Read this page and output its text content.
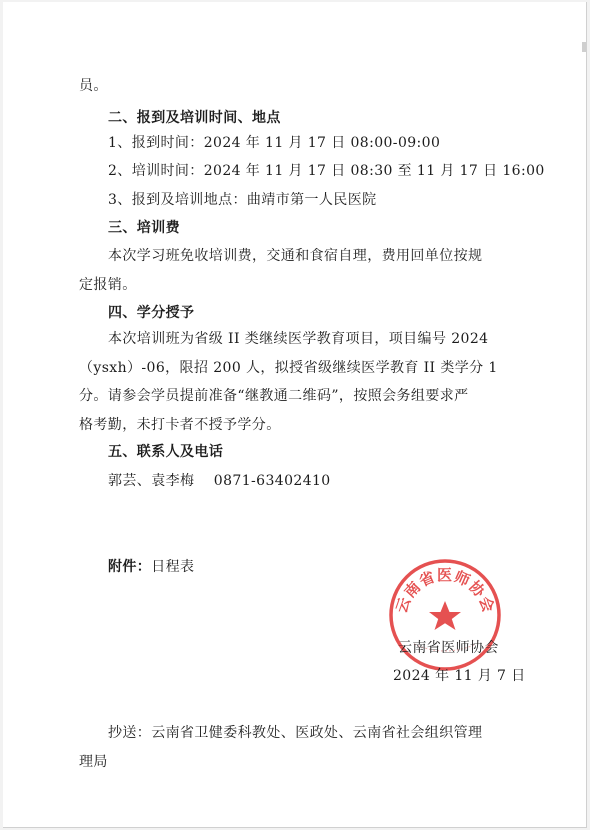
员。
二、报到及培训时间、地点
1、报到时间：2024 年 11 月 17 日 08:00-09:00
2、培训时间：2024 年 11 月 17 日 08:30 至 11 月 17 日 16:00
3、报到及培训地点：曲靖市第一人民医院
三、培训费
本次学习班免收培训费，交通和食宿自理，费用回单位按规
定报销。
四、学分授予
本次培训班为省级 II 类继续医学教育项目，项目编号 2024
（ysxh）-06，限招 200 人，拟授省级继续医学教育 II 类学分 1
分。请参会学员提前准备“继教通二维码”，按照会务组要求严
格考勤，未打卡者不授予学分。
五、联系人及电话
郭芸、袁李梅    0871-63402410
附件：日程表
云南省医师协会
云南省医师协会
2024 年 11 月 7 日
抄送：云南省卫健委科教处、医政处、云南省社会组织管理
理局
